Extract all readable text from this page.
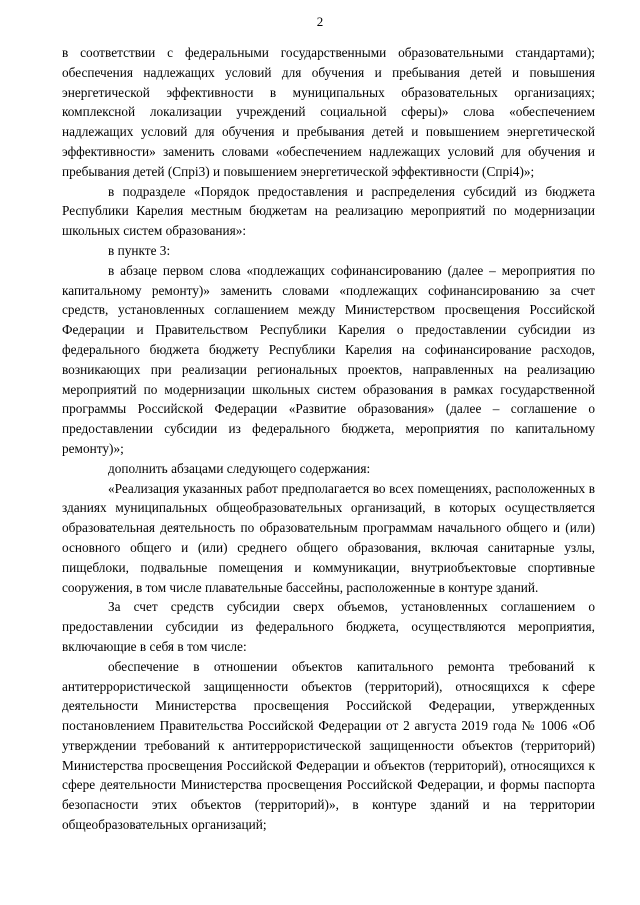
2

в соответствии с федеральными государственными образовательными стандартами); обеспечения надлежащих условий для обучения и пребывания детей и повышения энергетической эффективности в муниципальных образовательных организациях; комплексной локализации учреждений социальной сферы)» слова «обеспечением надлежащих условий для обучения и пребывания детей и повышением энергетической эффективности» заменить словами «обеспечением надлежащих условий для обучения и пребывания детей (Спрі3) и повышением энергетической эффективности (Спрі4)»;

в подразделе «Порядок предоставления и распределения субсидий из бюджета Республики Карелия местным бюджетам на реализацию мероприятий по модернизации школьных систем образования»:

в пункте 3:

в абзаце первом слова «подлежащих софинансированию (далее – мероприятия по капитальному ремонту)» заменить словами «подлежащих софинансированию за счет средств, установленных соглашением между Министерством просвещения Российской Федерации и Правительством Республики Карелия о предоставлении субсидии из федерального бюджета бюджету Республики Карелия на софинансирование расходов, возникающих при реализации региональных проектов, направленных на реализацию мероприятий по модернизации школьных систем образования в рамках государственной программы Российской Федерации «Развитие образования» (далее – соглашение о предоставлении субсидии из федерального бюджета, мероприятия по капитальному ремонту)»;

дополнить абзацами следующего содержания:

«Реализация указанных работ предполагается во всех помещениях, расположенных в зданиях муниципальных общеобразовательных организаций, в которых осуществляется образовательная деятельность по образовательным программам начального общего и (или) основного общего и (или) среднего общего образования, включая санитарные узлы, пищеблоки, подвальные помещения и коммуникации, внутриобъектовые спортивные сооружения, в том числе плавательные бассейны, расположенные в контуре зданий.

За счет средств субсидии сверх объемов, установленных соглашением о предоставлении субсидии из федерального бюджета, осуществляются мероприятия, включающие в себя в том числе:

обеспечение в отношении объектов капитального ремонта требований к антитеррористической защищенности объектов (территорий), относящихся к сфере деятельности Министерства просвещения Российской Федерации, утвержденных постановлением Правительства Российской Федерации от 2 августа 2019 года № 1006 «Об утверждении требований к антитеррористической защищенности объектов (территорий) Министерства просвещения Российской Федерации и объектов (территорий), относящихся к сфере деятельности Министерства просвещения Российской Федерации, и формы паспорта безопасности этих объектов (территорий)», в контуре зданий и на территории общеобразовательных организаций;
